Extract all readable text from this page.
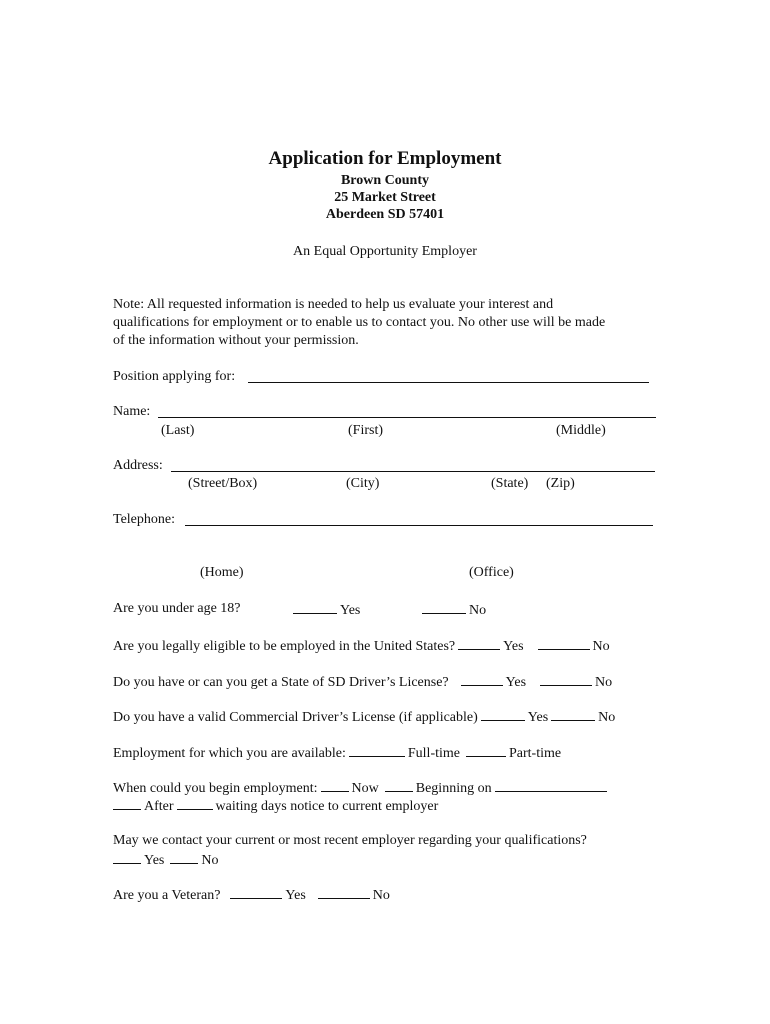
Application for Employment
Brown County
25 Market Street
Aberdeen SD 57401
An Equal Opportunity Employer
Note: All requested information is needed to help us evaluate your interest and
qualifications for employment or to enable us to contact you. No other use will be made
of the information without your permission.
Position applying for:
Name:
(Last)	(First)	(Middle)
Address:
(Street/Box)	(City)	(State) (Zip)
Telephone:
(Home)	(Office)
Are you under age 18?	Yes	No
Are you legally eligible to be employed in the United States?	Yes	No
Do you have or can you get a State of SD Driver’s License?	Yes	No
Do you have a valid Commercial Driver’s License (if applicable)	Yes	No
Employment for which you are available:	Full-time	Part-time
When could you begin employment: Now	Beginning on
After	waiting days notice to current employer
May we contact your current or most recent employer regarding your qualifications?
Yes	No
Are you a Veteran?	Yes	No
